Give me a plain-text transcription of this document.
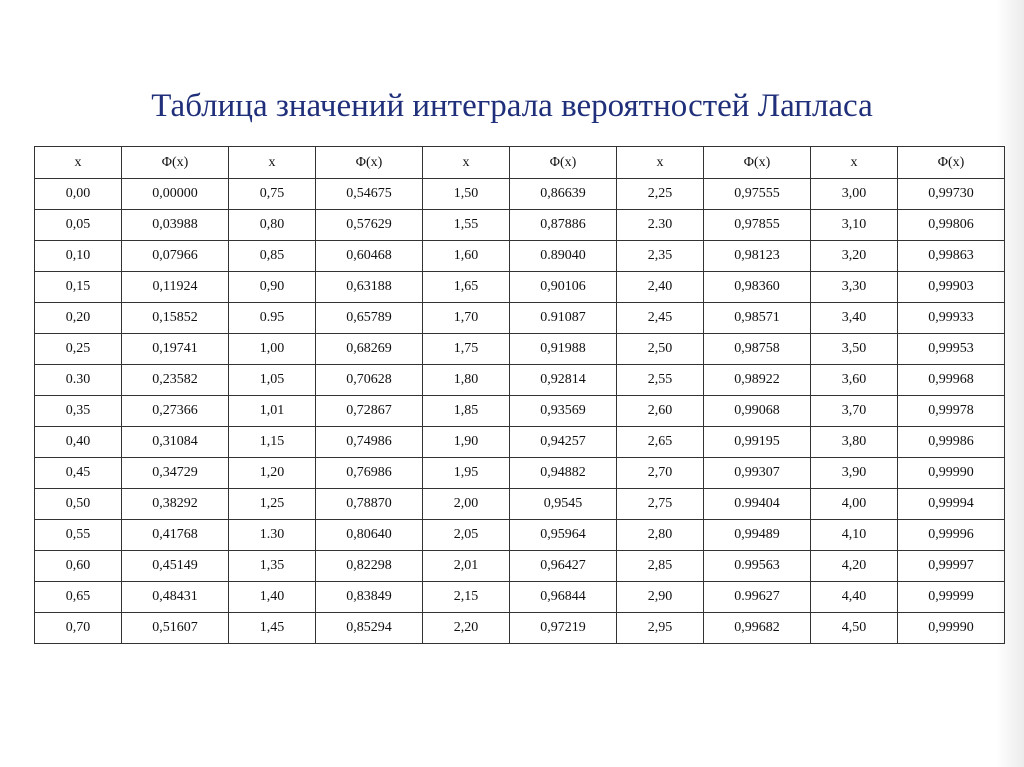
Таблица значений интеграла вероятностей Лапласа
x	Φ(x)	x	Φ(x)	x	Φ(x)	x	Φ(x)	x	Φ(x)
0,00	0,00000	0,75	0,54675	1,50	0,86639	2,25	0,97555	3,00	0,99730
0,05	0,03988	0,80	0,57629	1,55	0,87886	2.30	0,97855	3,10	0,99806
0,10	0,07966	0,85	0,60468	1,60	0.89040	2,35	0,98123	3,20	0,99863
0,15	0,11924	0,90	0,63188	1,65	0,90106	2,40	0,98360	3,30	0,99903
0,20	0,15852	0.95	0,65789	1,70	0.91087	2,45	0,98571	3,40	0,99933
0,25	0,19741	1,00	0,68269	1,75	0,91988	2,50	0,98758	3,50	0,99953
0.30	0,23582	1,05	0,70628	1,80	0,92814	2,55	0,98922	3,60	0,99968
0,35	0,27366	1,01	0,72867	1,85	0,93569	2,60	0,99068	3,70	0,99978
0,40	0,31084	1,15	0,74986	1,90	0,94257	2,65	0,99195	3,80	0,99986
0,45	0,34729	1,20	0,76986	1,95	0,94882	2,70	0,99307	3,90	0,99990
0,50	0,38292	1,25	0,78870	2,00	0,9545	2,75	0.99404	4,00	0,99994
0,55	0,41768	1.30	0,80640	2,05	0,95964	2,80	0,99489	4,10	0,99996
0,60	0,45149	1,35	0,82298	2,01	0,96427	2,85	0.99563	4,20	0,99997
0,65	0,48431	1,40	0,83849	2,15	0,96844	2,90	0.99627	4,40	0,99999
0,70	0,51607	1,45	0,85294	2,20	0,97219	2,95	0,99682	4,50	0,99990
